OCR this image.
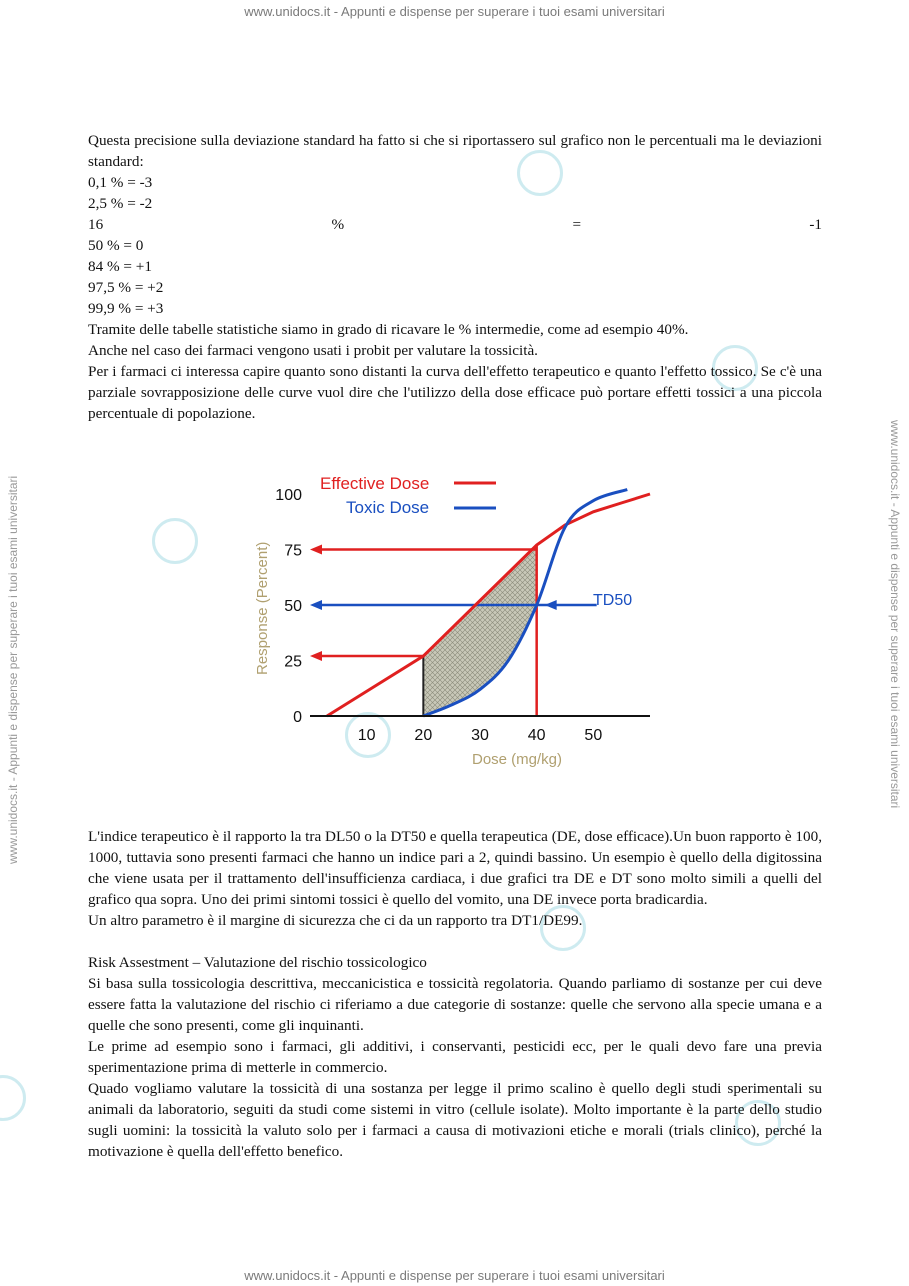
www.unidocs.it - Appunti e dispense per superare i tuoi esami universitari
www.unidocs.it - Appunti e dispense per superare i tuoi esami universitari	www.unidocs.it - Appunti e dispense per superare i tuoi esami universitari

Questa precisione sulla deviazione standard ha fatto si che si riportassero sul grafico non le percentuali ma le deviazioni standard:

0,1 % = -3

2,5 % = -2

16	%	=	-1

50 % = 0

84 % = +1

97,5 % = +2

99,9 % = +3

Tramite delle tabelle statistiche siamo in grado di ricavare le % intermedie, come ad esempio 40%.

Anche nel caso dei farmaci vengono usati i probit per valutare la tossicità.

Per i farmaci ci interessa capire quanto sono distanti la curva dell'effetto terapeutico e quanto l'effetto tossico. Se c'è una parziale sovrapposizione delle curve vuol dire che l'utilizzo della dose efficace può portare effetti tossici a una piccola percentuale di popolazione.

0
25
50
75
100
10 20 30 40 50
Effective Dose
Toxic Dose
TD50
Response (Percent)
Dose (mg/kg)

L'indice terapeutico è il rapporto la tra DL50 o la DT50 e quella terapeutica (DE, dose efficace).Un buon rapporto è 100, 1000, tuttavia sono presenti farmaci che hanno un indice pari a 2, quindi bassino. Un esempio è quello della digitossina che viene usata per il trattamento dell'insufficienza cardiaca, i due grafici tra DE e DT sono molto simili a quelli del grafico qua sopra. Uno dei primi sintomi tossici è quello del vomito, una DE invece porta bradicardia.

Un altro parametro è il margine di sicurezza che ci da un rapporto tra DT1/DE99.

Risk Assestment – Valutazione del rischio tossicologico

Si basa sulla tossicologia descrittiva, meccanicistica e tossicità regolatoria. Quando parliamo di sostanze per cui deve essere fatta la valutazione del rischio ci riferiamo a due categorie di sostanze: quelle che servono alla specie umana e a quelle che sono presenti, come gli inquinanti.

Le prime ad esempio sono i farmaci, gli additivi, i conservanti, pesticidi ecc, per le quali devo fare una previa sperimentazione prima di metterle in commercio.

Quado vogliamo valutare la tossicità di una sostanza per legge il primo scalino è quello degli studi sperimentali su animali da laboratorio, seguiti da studi come sistemi in vitro (cellule isolate). Molto importante è la parte dello studio sugli uomini: la tossicità la valuto solo per i farmaci a causa di motivazioni etiche e morali (trials clinico), perché la motivazione è quella dell'effetto benefico.

www.unidocs.it - Appunti e dispense per superare i tuoi esami universitari
